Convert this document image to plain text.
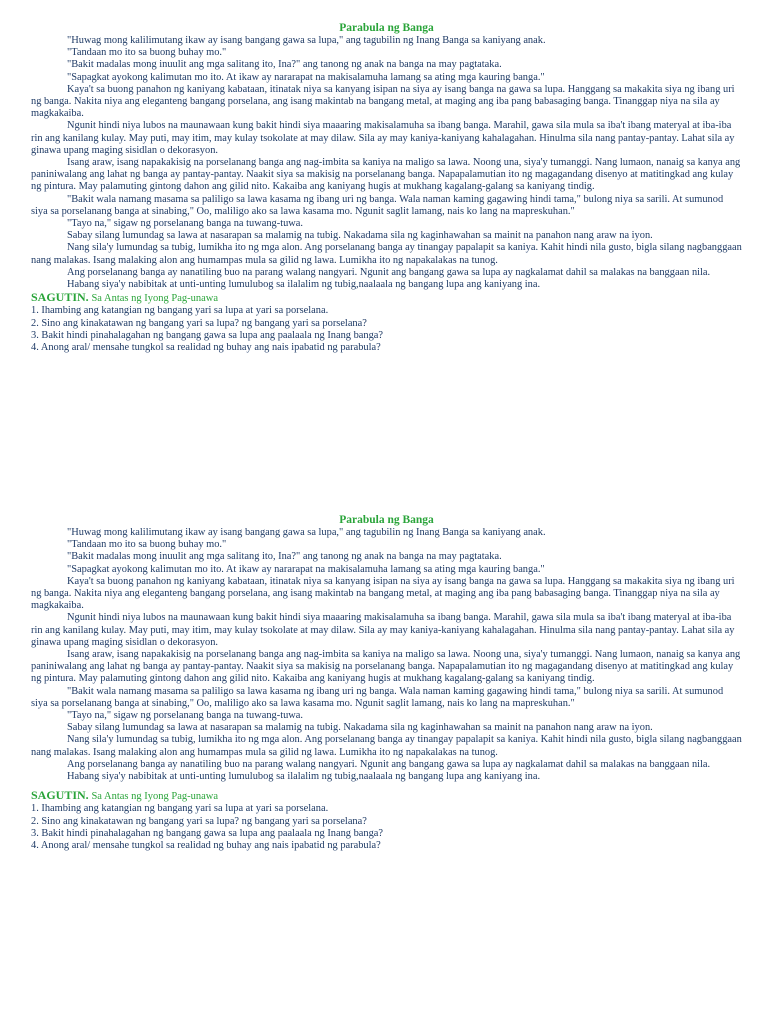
Parabula ng Banga

"Huwag mong kalilimutang ikaw ay isang bangang gawa sa lupa," ang tagubilin ng Inang Banga sa kaniyang anak.

"Tandaan mo ito sa buong buhay mo."

"Bakit madalas mong inuulit ang mga salitang ito, Ina?" ang tanong ng anak na banga na may pagtataka.

"Sapagkat ayokong kalimutan mo ito. At ikaw ay nararapat na makisalamuha lamang sa ating mga kauring banga."

Kaya't sa buong panahon ng kaniyang kabataan, itinatak niya sa kanyang isipan na siya ay isang banga na gawa sa lupa. Hanggang sa makakita siya ng ibang uri ng banga. Nakita niya ang eleganteng bangang porselana, ang isang makintab na bangang metal, at maging ang iba pang babasaging banga. Tinanggap niya na sila ay magkakaiba.

Ngunit hindi niya lubos na maunawaan kung bakit hindi siya maaaring makisalamuha sa ibang banga. Marahil, gawa sila mula sa iba't ibang materyal at iba-iba rin ang kanilang kulay. May puti, may itim, may kulay tsokolate at may dilaw. Sila ay may kaniya-kaniyang kahalagahan. Hinulma sila nang pantay-pantay. Lahat sila ay ginawa upang maging sisidlan o dekorasyon.

Isang araw, isang napakakisig na porselanang banga ang nag-imbita sa kaniya na maligo sa lawa. Noong una, siya'y tumanggi. Nang lumaon, nanaig sa kanya ang paniniwalang ang lahat ng banga ay pantay-pantay. Naakit siya sa makisig na porselanang banga. Napapalamutian ito ng magagandang disenyo at matitingkad ang kulay ng pintura. May palamuting gintong dahon ang gilid nito. Kakaiba ang kaniyang hugis at mukhang kagalang-galang sa kaniyang tindig.

"Bakit wala namang masama sa paliligo sa lawa kasama ng ibang uri ng banga. Wala naman kaming gagawing hindi tama," bulong niya sa sarili. At sumunod siya sa porselanang banga at sinabing," Oo, maliligo ako sa lawa kasama mo. Ngunit saglit lamang, nais ko lang na mapreskuhan."

"Tayo na," sigaw ng porselanang banga na tuwang-tuwa.

Sabay silang lumundag sa lawa at nasarapan sa malamig na tubig. Nakadama sila ng kaginhawahan sa mainit na panahon nang araw na iyon.

Nang sila'y lumundag sa tubig, lumikha ito ng mga alon. Ang porselanang banga ay tinangay papalapit sa kaniya. Kahit hindi nila gusto, bigla silang nagbanggaan nang malakas. Isang malaking alon ang humampas mula sa gilid ng lawa. Lumikha ito ng napakalakas na tunog.

Ang porselanang banga ay nanatiling buo na parang walang nangyari. Ngunit ang bangang gawa sa lupa ay nagkalamat dahil sa malakas na banggaan nila.

Habang siya'y nabibitak at unti-unting lumulubog sa ilalalim ng tubig,naalaala ng bangang lupa ang kaniyang ina.

SAGUTIN. Sa Antas ng Iyong Pag-unawa

1. Ihambing ang katangian ng bangang yari sa lupa at yari sa porselana.
2. Sino ang kinakatawan ng bangang yari sa lupa? ng bangang yari sa porselana?
3. Bakit hindi pinahalagahan ng bangang gawa sa lupa ang paalaala ng Inang banga?
4. Anong aral/ mensahe tungkol sa realidad ng buhay ang nais ipabatid ng parabula?
Parabula ng Banga

"Huwag mong kalilimutang ikaw ay isang bangang gawa sa lupa," ang tagubilin ng Inang Banga sa kaniyang anak.

"Tandaan mo ito sa buong buhay mo."

"Bakit madalas mong inuulit ang mga salitang ito, Ina?" ang tanong ng anak na banga na may pagtataka.

"Sapagkat ayokong kalimutan mo ito. At ikaw ay nararapat na makisalamuha lamang sa ating mga kauring banga."

Kaya't sa buong panahon ng kaniyang kabataan, itinatak niya sa kanyang isipan na siya ay isang banga na gawa sa lupa. Hanggang sa makakita siya ng ibang uri ng banga. Nakita niya ang eleganteng bangang porselana, ang isang makintab na bangang metal, at maging ang iba pang babasaging banga. Tinanggap niya na sila ay magkakaiba.

Ngunit hindi niya lubos na maunawaan kung bakit hindi siya maaaring makisalamuha sa ibang banga. Marahil, gawa sila mula sa iba't ibang materyal at iba-iba rin ang kanilang kulay. May puti, may itim, may kulay tsokolate at may dilaw. Sila ay may kaniya-kaniyang kahalagahan. Hinulma sila nang pantay-pantay. Lahat sila ay ginawa upang maging sisidlan o dekorasyon.

Isang araw, isang napakakisig na porselanang banga ang nag-imbita sa kaniya na maligo sa lawa. Noong una, siya'y tumanggi. Nang lumaon, nanaig sa kanya ang paniniwalang ang lahat ng banga ay pantay-pantay. Naakit siya sa makisig na porselanang banga. Napapalamutian ito ng magagandang disenyo at matitingkad ang kulay ng pintura. May palamuting gintong dahon ang gilid nito. Kakaiba ang kaniyang hugis at mukhang kagalang-galang sa kaniyang tindig.

"Bakit wala namang masama sa paliligo sa lawa kasama ng ibang uri ng banga. Wala naman kaming gagawing hindi tama," bulong niya sa sarili. At sumunod siya sa porselanang banga at sinabing," Oo, maliligo ako sa lawa kasama mo. Ngunit saglit lamang, nais ko lang na mapreskuhan."

"Tayo na," sigaw ng porselanang banga na tuwang-tuwa.

Sabay silang lumundag sa lawa at nasarapan sa malamig na tubig. Nakadama sila ng kaginhawahan sa mainit na panahon nang araw na iyon.

Nang sila'y lumundag sa tubig, lumikha ito ng mga alon. Ang porselanang banga ay tinangay papalapit sa kaniya. Kahit hindi nila gusto, bigla silang nagbanggaan nang malakas. Isang malaking alon ang humampas mula sa gilid ng lawa. Lumikha ito ng napakalakas na tunog.

Ang porselanang banga ay nanatiling buo na parang walang nangyari. Ngunit ang bangang gawa sa lupa ay nagkalamat dahil sa malakas na banggaan nila.

Habang siya'y nabibitak at unti-unting lumulubog sa ilalalim ng tubig,naalaala ng bangang lupa ang kaniyang ina.

SAGUTIN. Sa Antas ng Iyong Pag-unawa

1. Ihambing ang katangian ng bangang yari sa lupa at yari sa porselana.
2. Sino ang kinakatawan ng bangang yari sa lupa? ng bangang yari sa porselana?
3. Bakit hindi pinahalagahan ng bangang gawa sa lupa ang paalaala ng Inang banga?
4. Anong aral/ mensahe tungkol sa realidad ng buhay ang nais ipabatid ng parabula?
